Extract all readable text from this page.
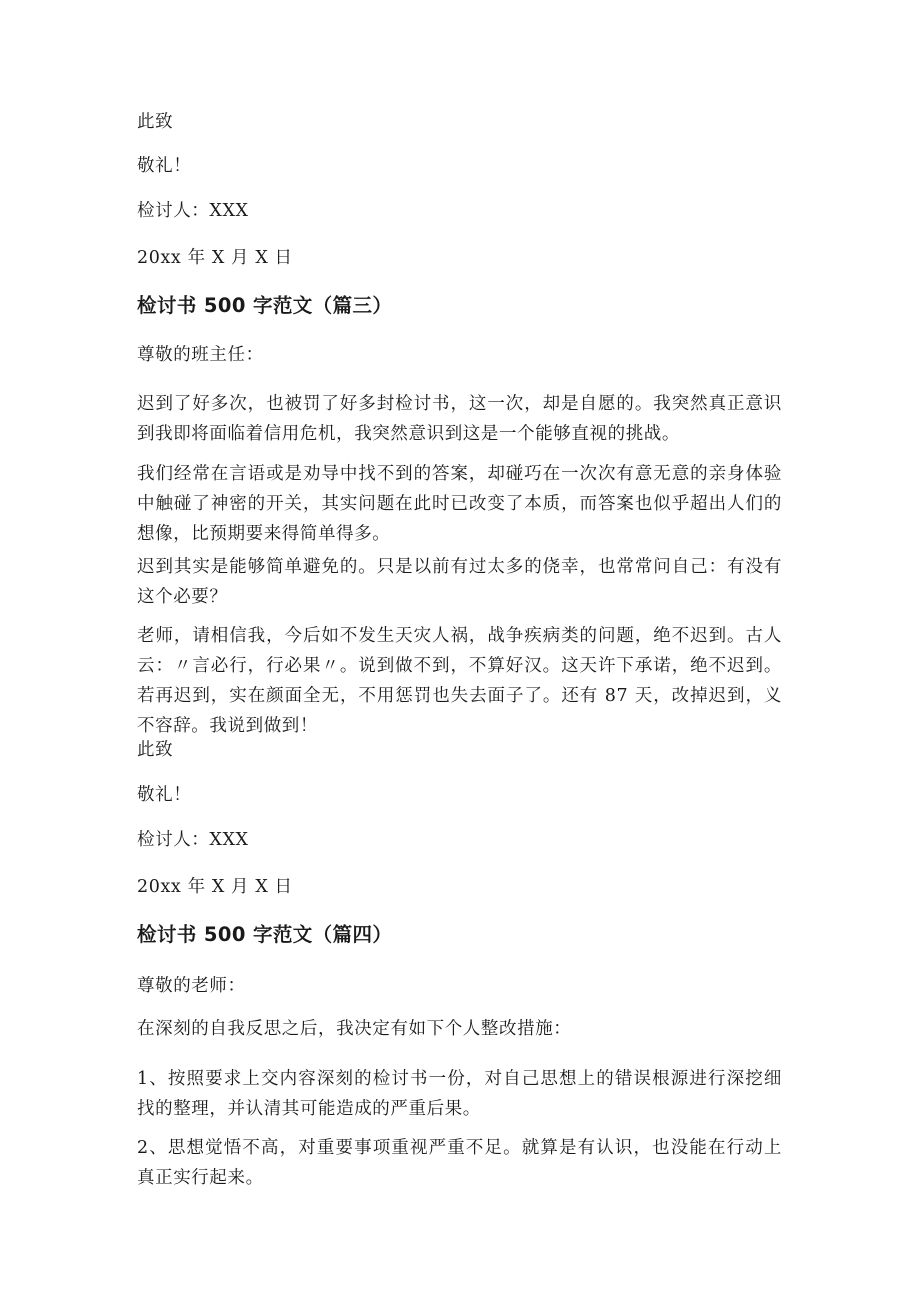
此致

敬礼！

检讨人：XXX

20xx 年 X 月 X 日

检讨书 500 字范文（篇三）

尊敬的班主任：

迟到了好多次，也被罚了好多封检讨书，这一次，却是自愿的。我突然真正意识到我即将面临着信用危机，我突然意识到这是一个能够直视的挑战。

我们经常在言语或是劝导中找不到的答案，却碰巧在一次次有意无意的亲身体验中触碰了神密的开关，其实问题在此时已改变了本质，而答案也似乎超出人们的想像，比预期要来得简单得多。

迟到其实是能够简单避免的。只是以前有过太多的侥幸，也常常问自己：有没有这个必要？

老师，请相信我，今后如不发生天灾人祸，战争疾病类的问题，绝不迟到。古人云：〃言必行，行必果〃。说到做不到，不算好汉。这天许下承诺，绝不迟到。若再迟到，实在颜面全无，不用惩罚也失去面子了。还有 87 天，改掉迟到，义不容辞。我说到做到！

此致

敬礼！

检讨人：XXX

20xx 年 X 月 X 日

检讨书 500 字范文（篇四）

尊敬的老师：

在深刻的自我反思之后，我决定有如下个人整改措施：

1、按照要求上交内容深刻的检讨书一份，对自己思想上的错误根源进行深挖细找的整理，并认清其可能造成的严重后果。

2、思想觉悟不高，对重要事项重视严重不足。就算是有认识，也没能在行动上真正实行起来。
